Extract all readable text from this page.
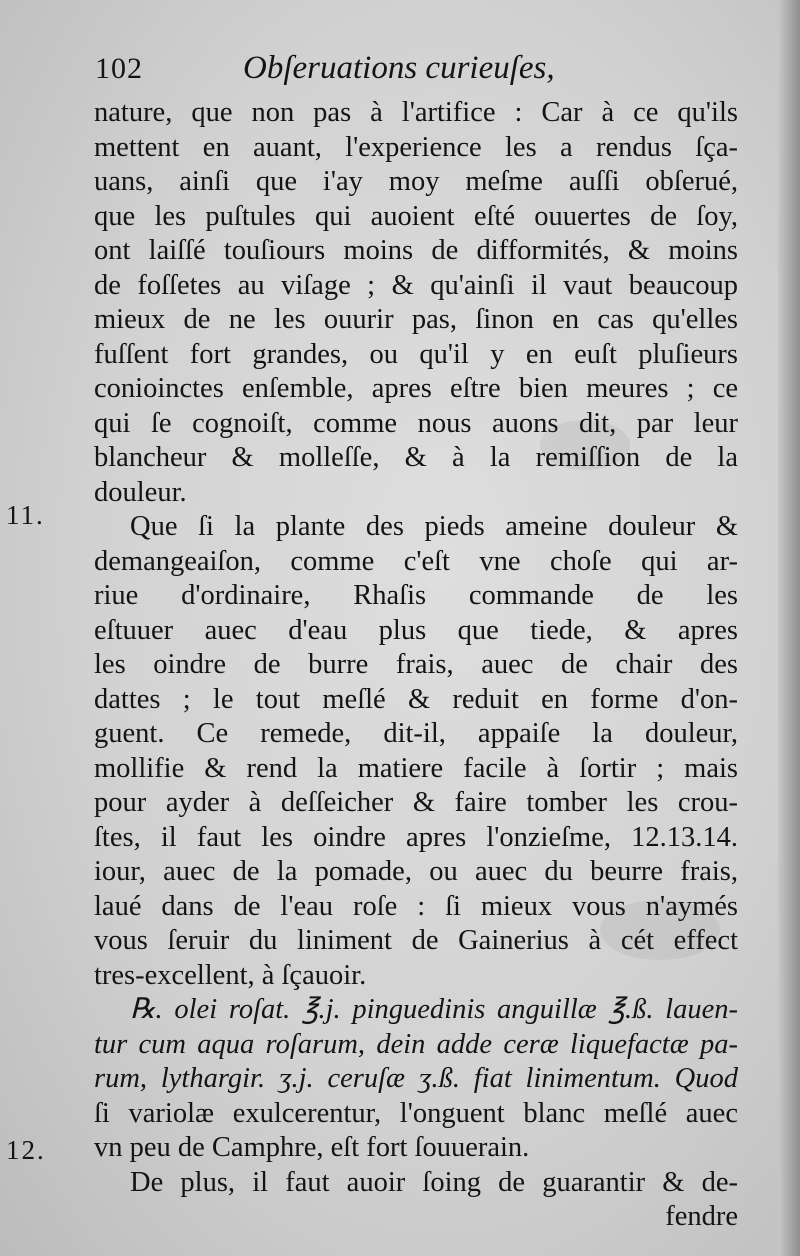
102	Obſeruations curieuſes,
11.
12.
nature, que non pas à l'artifice : Car à ce qu'ils
mettent en auant, l'experience les a rendus ſça-
uans, ainſi que i'ay moy meſme auſſi obſerué,
que les puſtules qui auoient eſté ouuertes de ſoy,
ont laiſſé touſiours moins de difformités, & moins
de foſſetes au viſage ; & qu'ainſi il vaut beaucoup
mieux de ne les ouurir pas, ſinon en cas qu'elles
fuſſent fort grandes, ou qu'il y en euſt pluſieurs
conioinctes enſemble, apres eſtre bien meures ; ce
qui ſe cognoiſt, comme nous auons dit, par leur
blancheur & molleſſe, & à la remiſſion de la
douleur.
Que ſi la plante des pieds ameine douleur &
demangeaiſon, comme c'eſt vne choſe qui ar-
riue d'ordinaire, Rhaſis commande de les
eſtuuer auec d'eau plus que tiede, & apres
les oindre de burre frais, auec de chair des
dattes ; le tout meſlé & reduit en forme d'on-
guent. Ce remede, dit-il, appaiſe la douleur,
mollifie & rend la matiere facile à ſortir ; mais
pour ayder à deſſeicher & faire tomber les crou-
ſtes, il faut les oindre apres l'onzieſme, 12.13.14.
iour, auec de la pomade, ou auec du beurre frais,
laué dans de l'eau roſe : ſi mieux vous n'aymés
vous ſeruir du liniment de Gainerius à cét effect
tres-excellent, à ſçauoir.
℞. olei roſat. ℥.j. pinguedinis anguillæ ℥.ß. lauen-
tur cum aqua roſarum, dein adde ceræ liquefactæ pa-
rum, lythargir. ʒ.j. ceruſæ ʒ.ß. fiat linimentum. Quod
ſi variolæ exulcerentur, l'onguent blanc meſlé auec
vn peu de Camphre, eſt fort ſouuerain.
De plus, il faut auoir ſoing de guarantir & de-
fendre
